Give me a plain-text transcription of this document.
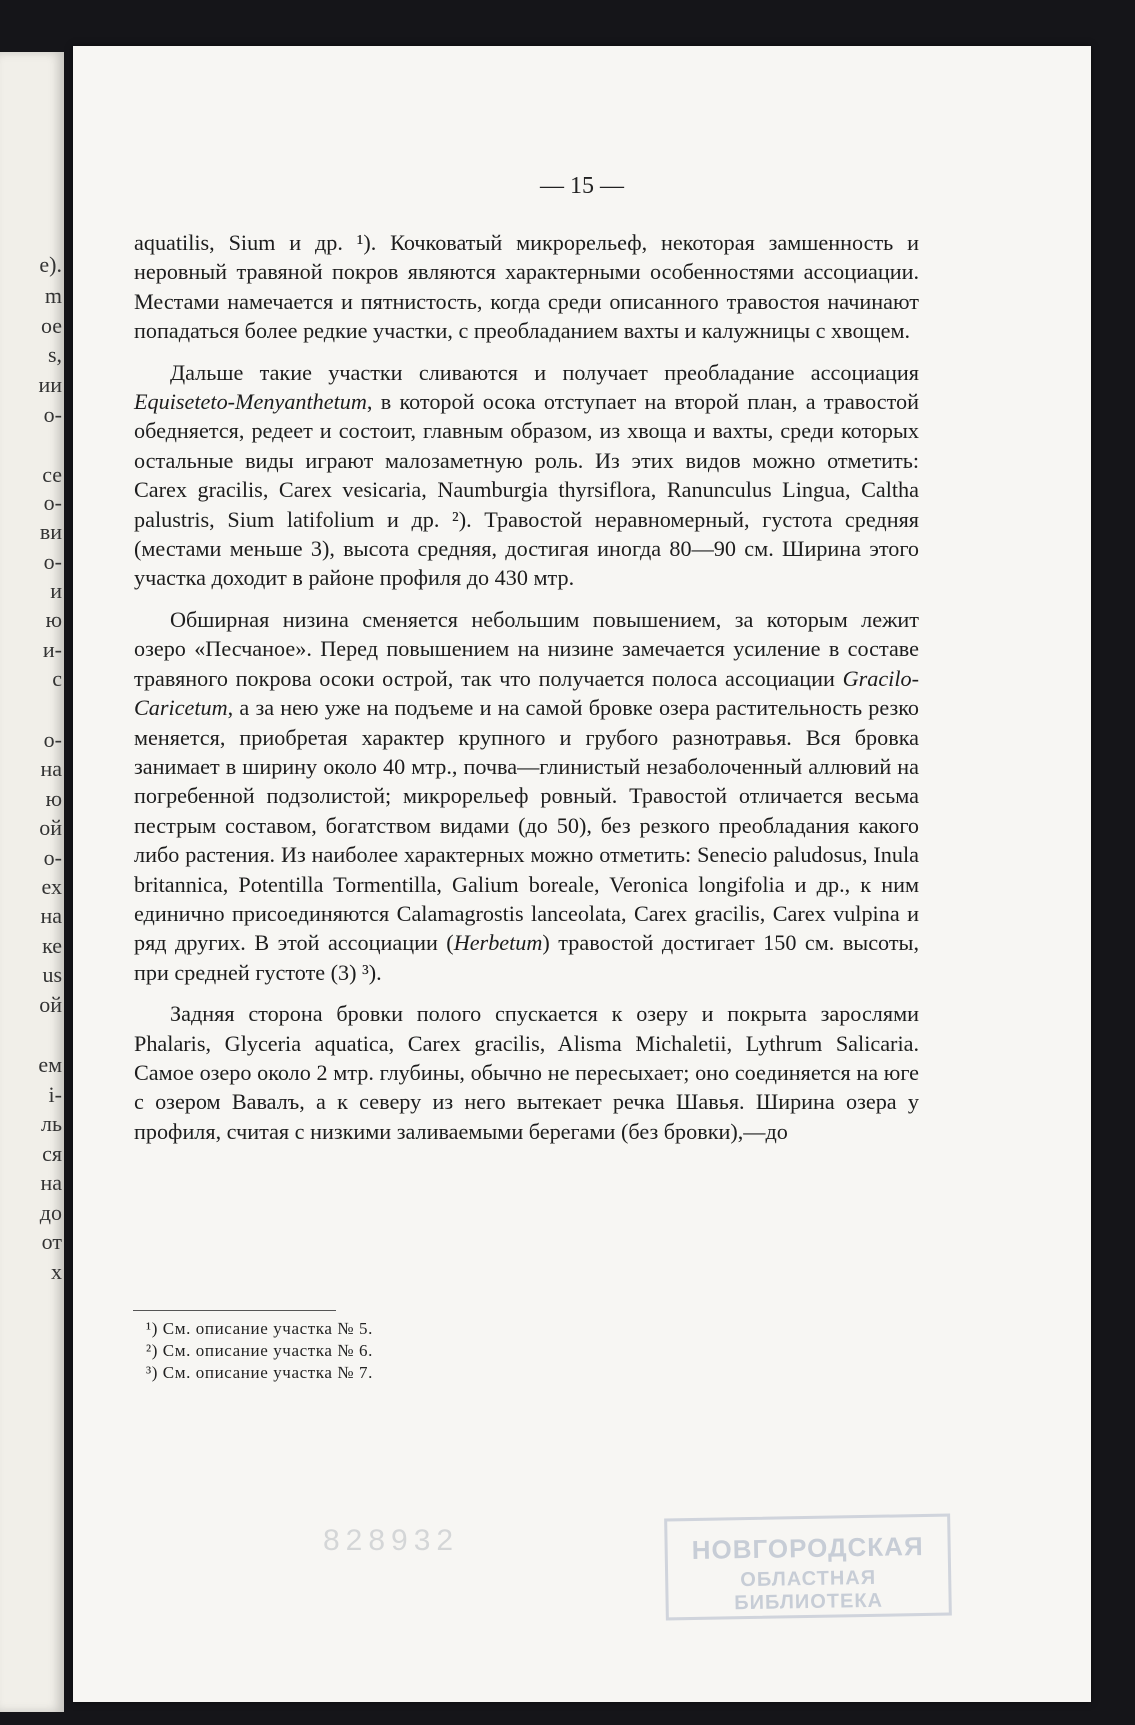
e).
m
ое
s,
ии
о-
се
о-
ви
о-
и
ю
и-
с
о-
на
ю
ой
о-
ех
на
ке
us
ой
ем
i-
ль
ся
на
до
от
х
— 15 —

aquatilis, Sium и др. ¹). Кочковатый микрорельеф, некоторая замшенность и неровный травяной покров являются характерными особенностями ассоциации. Местами намечается и пятнистость, когда среди описанного травостоя начинают попадаться более редкие участки, с преобладанием вахты и калужницы с хвощем.

Дальше такие участки сливаются и получает преобладание ассоциация Equiseteto-Menyanthetum, в которой осока отступает на второй план, а травостой обедняется, редеет и состоит, главным образом, из хвоща и вахты, среди которых остальные виды играют малозаметную роль. Из этих видов можно отметить: Carex gracilis, Carex vesicaria, Naumburgia thyrsiflora, Ranunculus Lingua, Caltha palustris, Sium latifolium и др. ²). Травостой неравномерный, густота средняя (местами меньше 3), высота средняя, достигая иногда 80—90 см. Ширина этого участка доходит в районе профиля до 430 мтр.

Обширная низина сменяется небольшим повышением, за которым лежит озеро «Песчаное». Перед повышением на низине замечается усиление в составе травяного покрова осоки острой, так что получается полоса ассоциации Gracilo-Caricetum, а за нею уже на подъеме и на самой бровке озера растительность резко меняется, приобретая характер крупного и грубого разнотравья. Вся бровка занимает в ширину около 40 мтр., почва—глинистый незаболоченный аллювий на погребенной подзолистой; микрорельеф ровный. Травостой отличается весьма пестрым составом, богатством видами (до 50), без резкого преобладания какого либо растения. Из наиболее характерных можно отметить: Senecio paludosus, Inula britannica, Potentilla Tormentilla, Galium boreale, Veronica longifolia и др., к ним единично присоединяются Calamagrostis lanceolata, Carex gracilis, Carex vulpina и ряд других. В этой ассоциации (Herbetum) травостой достигает 150 см. высоты, при средней густоте (3) ³).

Задняя сторона бровки полого спускается к озеру и покрыта зарослями Phalaris, Glyceria aquatica, Carex gracilis, Alisma Michaletii, Lythrum Salicaria. Самое озеро около 2 мтр. глубины, обычно не пересыхает; оно соединяется на юге с озером Вавалъ, а к северу из него вытекает речка Шавья. Ширина озера у профиля, считая с низкими заливаемыми берегами (без бровки),—до

¹) См. описание участка № 5.
²) См. описание участка № 6.
³) См. описание участка № 7.
828932	НОВГОРОДСКАЯ
ОБЛАСТНАЯ БИБЛИОТЕКА
